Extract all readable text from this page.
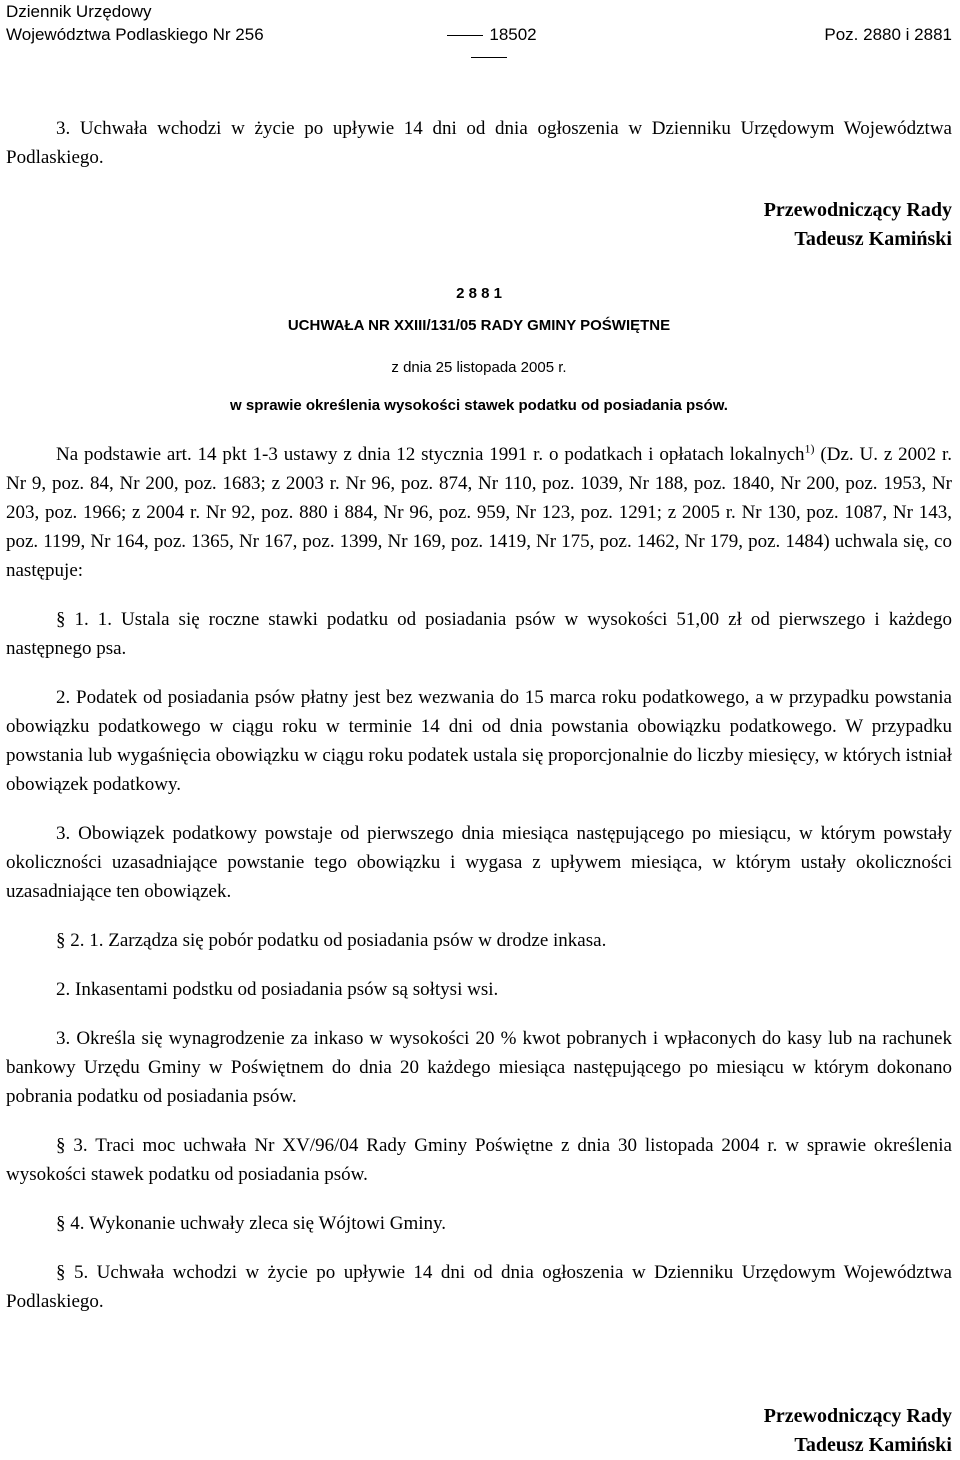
Dziennik Urzędowy
Województwa Podlaskiego Nr 256	18502	Poz. 2880 i 2881

3. Uchwała wchodzi w życie po upływie 14 dni od dnia ogłoszenia w Dzienniku Urzędowym Województwa Podlaskiego.

Przewodniczący Rady
Tadeusz Kamiński
2 8 8 1
UCHWAŁA NR XXIII/131/05 RADY GMINY POŚWIĘTNE
z dnia 25 listopada 2005 r.
w sprawie określenia wysokości stawek podatku od posiadania psów.

Na podstawie art. 14 pkt 1-3 ustawy z dnia 12 stycznia 1991 r. o podatkach i opłatach lokalnych$^{1)}$ (Dz. U. z 2002 r. Nr 9, poz. 84, Nr 200, poz. 1683; z 2003 r. Nr 96, poz. 874, Nr 110, poz. 1039, Nr 188, poz. 1840, Nr 200, poz. 1953, Nr 203, poz. 1966; z 2004 r. Nr 92, poz. 880 i 884, Nr 96, poz. 959, Nr 123, poz. 1291; z 2005 r. Nr 130, poz. 1087, Nr 143, poz. 1199, Nr 164, poz. 1365, Nr 167, poz. 1399, Nr 169, poz. 1419, Nr 175, poz. 1462, Nr 179, poz. 1484) uchwala się, co następuje:

§ 1. 1. Ustala się roczne stawki podatku od posiadania psów w wysokości 51,00 zł od pierwszego i każdego następnego psa.

2. Podatek od posiadania psów płatny jest bez wezwania do 15 marca roku podatkowego, a w przypadku powstania obowiązku podatkowego w ciągu roku w terminie 14 dni od dnia powstania obowiązku podatkowego. W przypadku powstania lub wygaśnięcia obowiązku w ciągu roku podatek ustala się proporcjonalnie do liczby miesięcy, w których istniał obowiązek podatkowy.

3. Obowiązek podatkowy powstaje od pierwszego dnia miesiąca następującego po miesiącu, w którym powstały okoliczności uzasadniające powstanie tego obowiązku i wygasa z upływem miesiąca, w którym ustały okoliczności uzasadniające ten obowiązek.

§ 2. 1. Zarządza się pobór podatku od posiadania psów w drodze inkasa.

2. Inkasentami podstku od posiadania psów są sołtysi wsi.

3. Określa się wynagrodzenie za inkaso w wysokości 20 % kwot pobranych i wpłaconych do kasy lub na rachunek bankowy Urzędu Gminy w Poświętnem do dnia 20 każdego miesiąca następującego po miesiącu w którym dokonano pobrania podatku od posiadania psów.

§ 3. Traci moc uchwała Nr XV/96/04 Rady Gminy Poświętne z dnia 30 listopada 2004 r. w sprawie określenia wysokości stawek podatku od posiadania psów.

§ 4. Wykonanie uchwały zleca się Wójtowi Gminy.

§ 5. Uchwała wchodzi w życie po upływie 14 dni od dnia ogłoszenia w Dzienniku Urzędowym Województwa Podlaskiego.

Przewodniczący Rady
Tadeusz Kamiński
